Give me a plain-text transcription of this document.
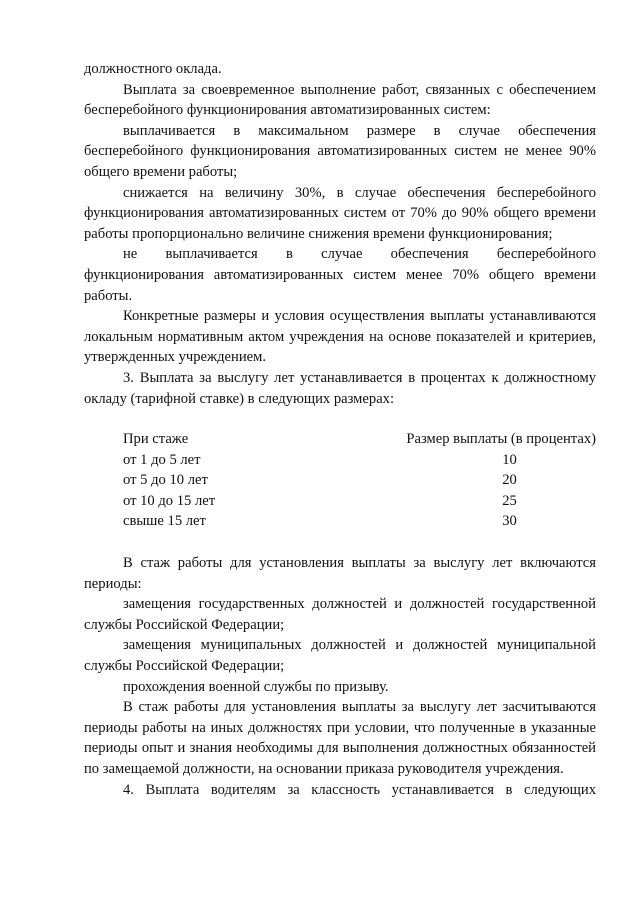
должностного оклада.

Выплата за своевременное выполнение работ, связанных с обеспечением бесперебойного функционирования автоматизированных систем:

выплачивается в максимальном размере в случае обеспечения бесперебойного функционирования автоматизированных систем не менее 90% общего времени работы;

снижается на величину 30%, в случае обеспечения бесперебойного функционирования автоматизированных систем от 70% до 90% общего времени работы пропорционально величине снижения времени функционирования;

не выплачивается в случае обеспечения бесперебойного функционирования автоматизированных систем менее 70% общего времени работы.

Конкретные размеры и условия осуществления выплаты устанавливаются локальным нормативным актом учреждения на основе показателей и критериев, утвержденных учреждением.

3. Выплата за выслугу лет устанавливается в процентах к должностному окладу (тарифной ставке) в следующих размерах:

При стаже	Размер выплаты (в процентах)
от 1 до 5 лет	10
от 5 до 10 лет	20
от 10 до 15 лет	25
свыше 15 лет	30

В стаж работы для установления выплаты за выслугу лет включаются периоды:

замещения государственных должностей и должностей государственной службы Российской Федерации;

замещения муниципальных должностей и должностей муниципальной службы Российской Федерации;

прохождения военной службы по призыву.

В стаж работы для установления выплаты за выслугу лет засчитываются периоды работы на иных должностях при условии, что полученные в указанные периоды опыт и знания необходимы для выполнения должностных обязанностей по замещаемой должности, на основании приказа руководителя учреждения.

4. Выплата водителям за классность устанавливается в следующих
